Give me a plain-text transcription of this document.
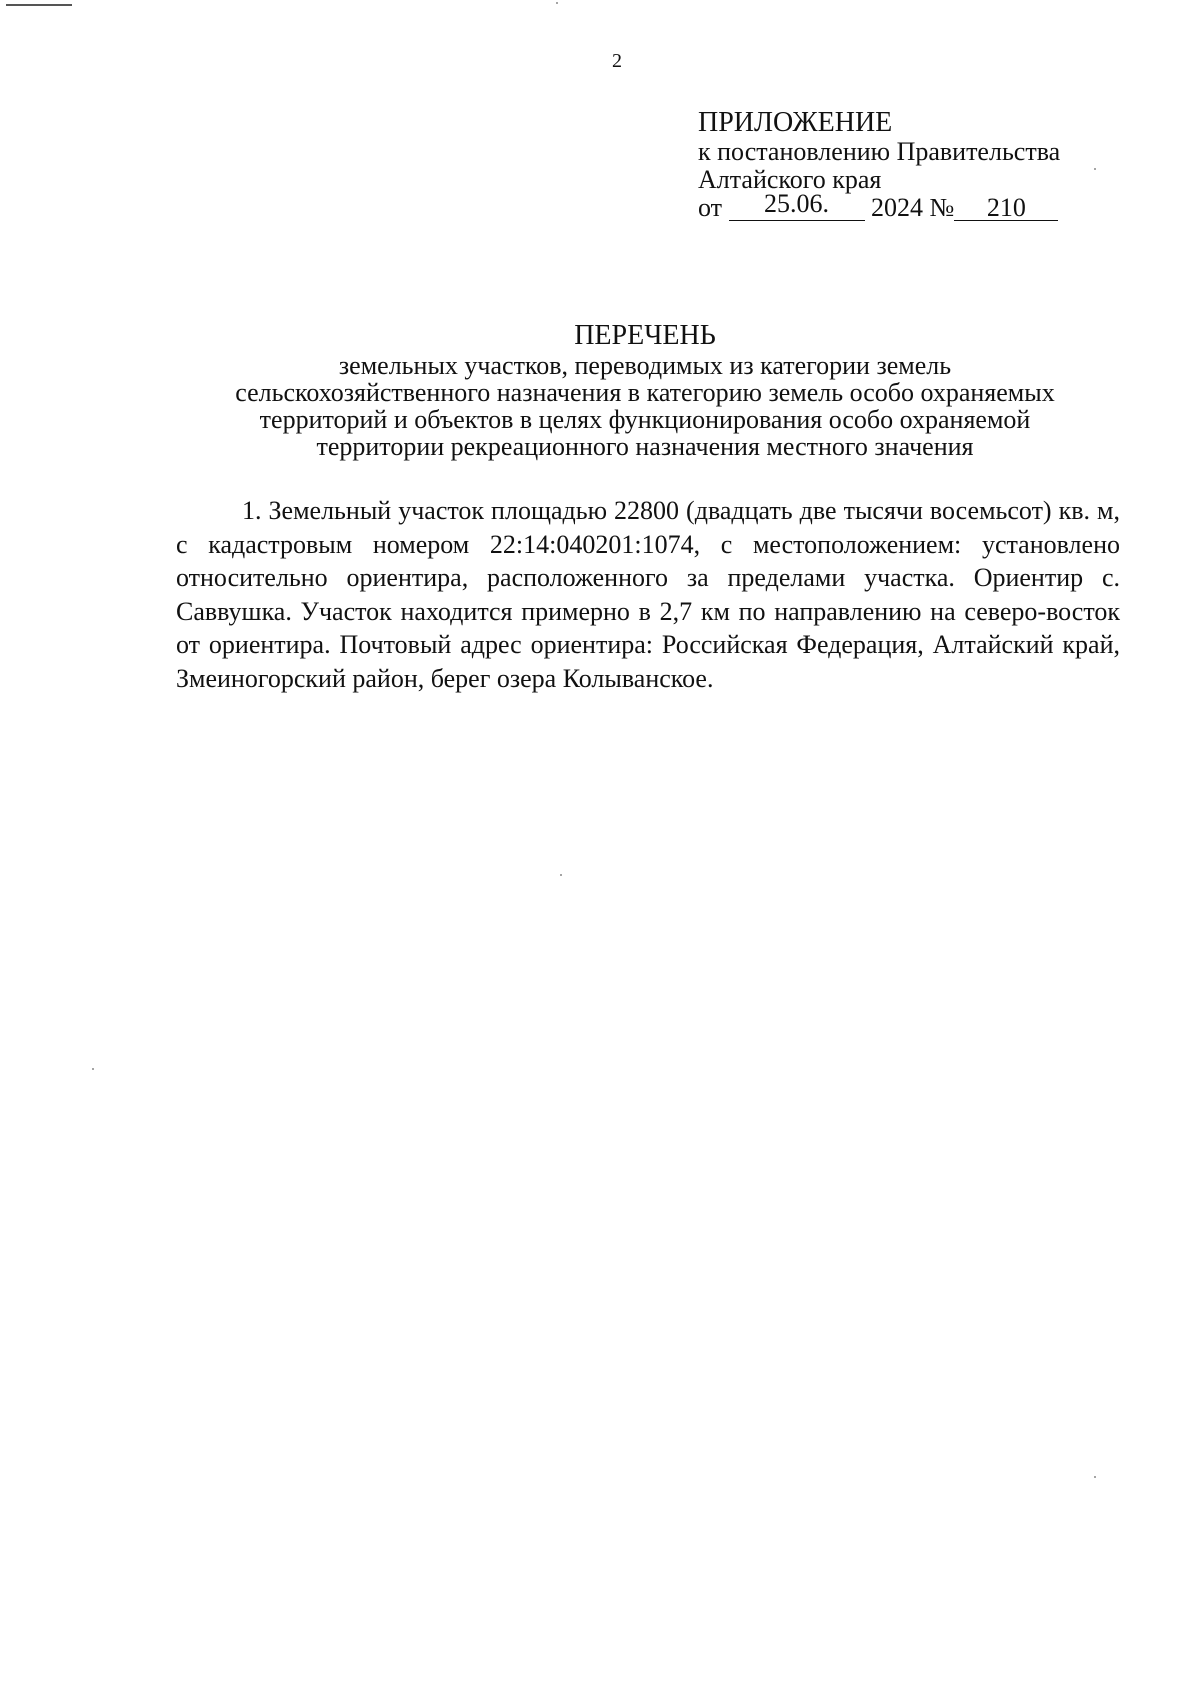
2
ПРИЛОЖЕНИЕ
к постановлению Правительства
Алтайского края
от 25.06. 2024 № 210
ПЕРЕЧЕНЬ
земельных участков, переводимых из категории земель
сельскохозяйственного назначения в категорию земель особо охраняемых
территорий и объектов в целях функционирования особо охраняемой
территории рекреационного назначения местного значения
1. Земельный участок площадью 22800 (двадцать две тысячи восемьсот) кв. м, с кадастровым номером 22:14:040201:1074, с местоположением: установлено относительно ориентира, расположенного за пределами участка. Ориентир с. Саввушка. Участок находится примерно в 2,7 км по направлению на северо-восток от ориентира. Почтовый адрес ориентира: Российская Федерация, Алтайский край, Змеиногорский район, берег озера Колыванское.
